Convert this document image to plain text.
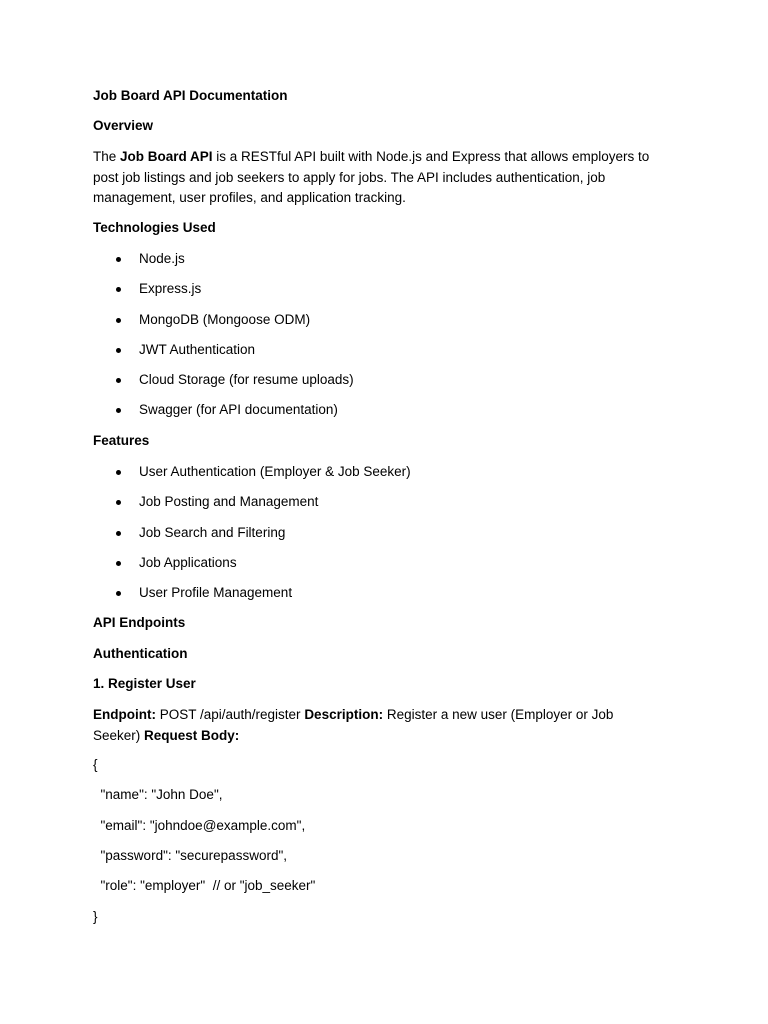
Job Board API Documentation

Overview

The Job Board API is a RESTful API built with Node.js and Express that allows employers to post job listings and job seekers to apply for jobs. The API includes authentication, job management, user profiles, and application tracking.

Technologies Used

Node.js
Express.js
MongoDB (Mongoose ODM)
JWT Authentication
Cloud Storage (for resume uploads)
Swagger (for API documentation)

Features

User Authentication (Employer & Job Seeker)
Job Posting and Management
Job Search and Filtering
Job Applications
User Profile Management

API Endpoints

Authentication

1. Register User

Endpoint: POST /api/auth/register Description: Register a new user (Employer or Job Seeker) Request Body:

{

"name": "John Doe",

"email": "johndoe@example.com",

"password": "securepassword",

"role": "employer"  // or "job_seeker"

}
